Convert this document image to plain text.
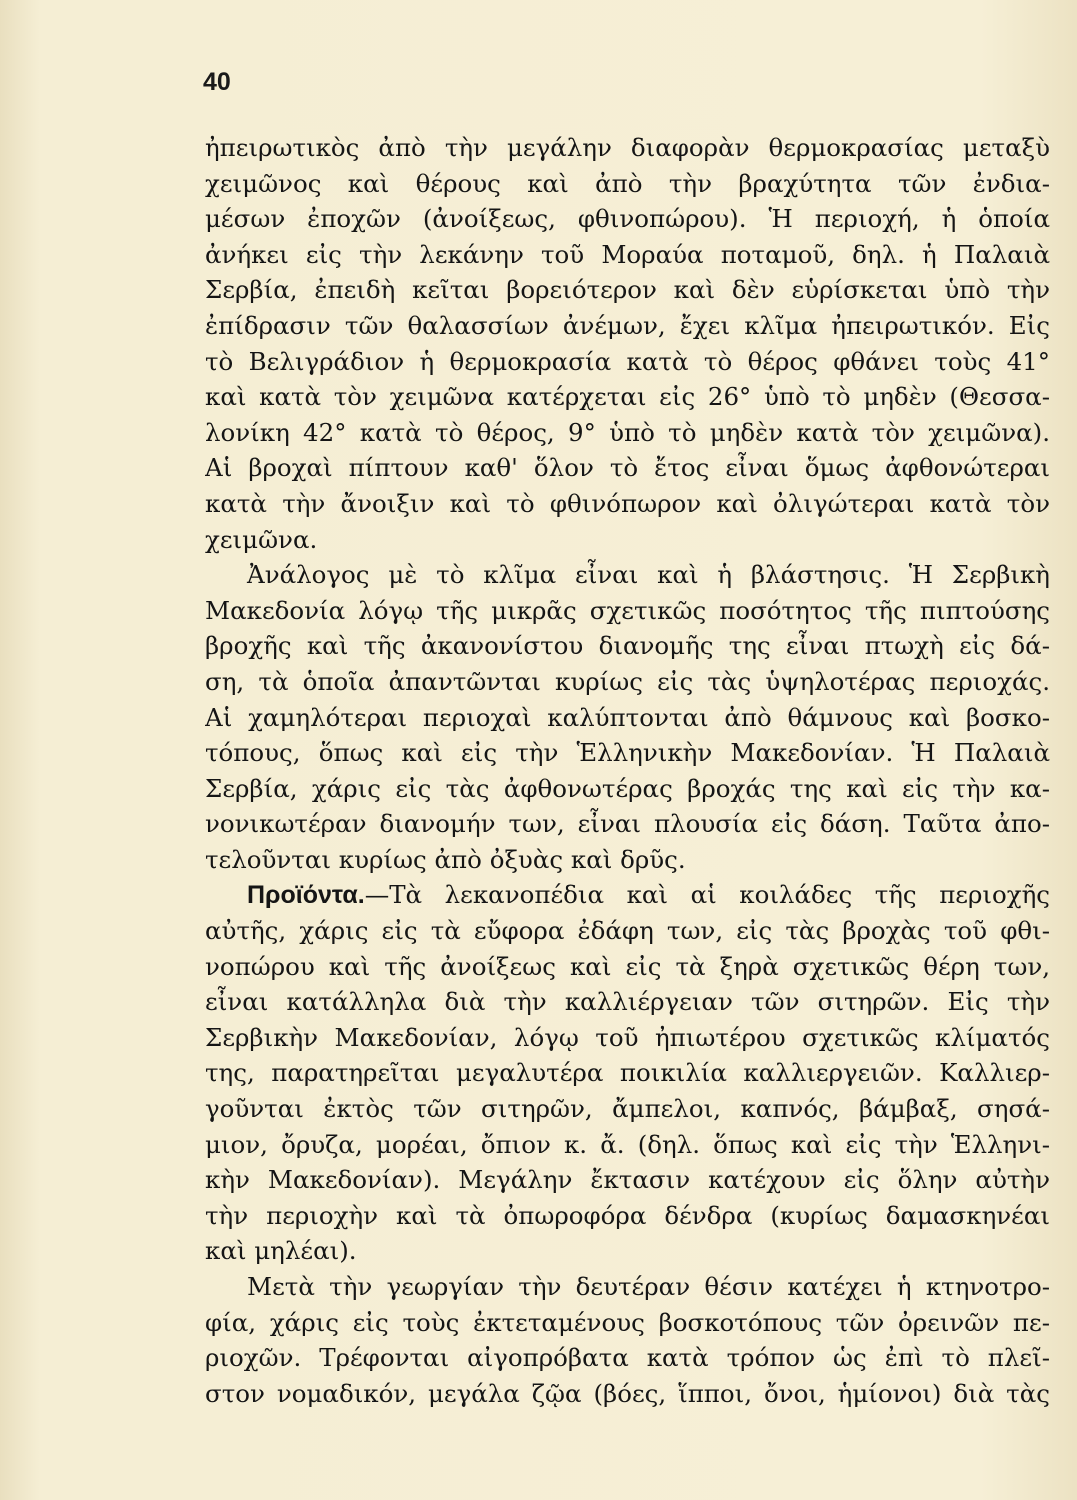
40
ἠπειρωτικὸς ἀπὸ τὴν μεγάλην διαφορὰν θερμοκρασίας μεταξὺ
χειμῶνος καὶ θέρους καὶ ἀπὸ τὴν βραχύτητα τῶν ἐνδια-
μέσων ἐποχῶν (ἀνοίξεως, φθινοπώρου). Ἡ περιοχή, ἡ ὁποία
ἀνήκει εἰς τὴν λεκάνην τοῦ Μοραύα ποταμοῦ, δηλ. ἡ Παλαιὰ
Σερβία, ἐπειδὴ κεῖται βορειότερον καὶ δὲν εὑρίσκεται ὑπὸ τὴν
ἐπίδρασιν τῶν θαλασσίων ἀνέμων, ἔχει κλῖμα ἠπειρωτικόν. Εἰς
τὸ Βελιγράδιον ἡ θερμοκρασία κατὰ τὸ θέρος φθάνει τοὺς 41°
καὶ κατὰ τὸν χειμῶνα κατέρχεται εἰς 26° ὑπὸ τὸ μηδὲν (Θεσσα-
λονίκη 42° κατὰ τὸ θέρος, 9° ὑπὸ τὸ μηδὲν κατὰ τὸν χειμῶνα).
Αἱ βροχαὶ πίπτουν καθ' ὅλον τὸ ἔτος εἶναι ὅμως ἀφθονώτεραι
κατὰ τὴν ἄνοιξιν καὶ τὸ φθινόπωρον καὶ ὀλιγώτεραι κατὰ τὸν
χειμῶνα.
Ἀνάλογος μὲ τὸ κλῖμα εἶναι καὶ ἡ βλάστησις. Ἡ Σερβικὴ
Μακεδονία λόγῳ τῆς μικρᾶς σχετικῶς ποσότητος τῆς πιπτούσης
βροχῆς καὶ τῆς ἀκανονίστου διανομῆς της εἶναι πτωχὴ εἰς δά-
ση, τὰ ὁποῖα ἀπαντῶνται κυρίως εἰς τὰς ὑψηλοτέρας περιοχάς.
Αἱ χαμηλότεραι περιοχαὶ καλύπτονται ἀπὸ θάμνους καὶ βοσκο-
τόπους, ὅπως καὶ εἰς τὴν Ἑλληνικὴν Μακεδονίαν. Ἡ Παλαιὰ
Σερβία, χάρις εἰς τὰς ἀφθονωτέρας βροχάς της καὶ εἰς τὴν κα-
νονικωτέραν διανομήν των, εἶναι πλουσία εἰς δάση. Ταῦτα ἀπο-
τελοῦνται κυρίως ἀπὸ ὀξυὰς καὶ δρῦς.
Προϊόντα.—Τὰ λεκανοπέδια καὶ αἱ κοιλάδες τῆς περιοχῆς
αὐτῆς, χάρις εἰς τὰ εὔφορα ἐδάφη των, εἰς τὰς βροχὰς τοῦ φθι-
νοπώρου καὶ τῆς ἀνοίξεως καὶ εἰς τὰ ξηρὰ σχετικῶς θέρη των,
εἶναι κατάλληλα διὰ τὴν καλλιέργειαν τῶν σιτηρῶν. Εἰς τὴν
Σερβικὴν Μακεδονίαν, λόγῳ τοῦ ἠπιωτέρου σχετικῶς κλίματός
της, παρατηρεῖται μεγαλυτέρα ποικιλία καλλιεργειῶν. Καλλιερ-
γοῦνται ἐκτὸς τῶν σιτηρῶν, ἄμπελοι, καπνός, βάμβαξ, σησά-
μιον, ὄρυζα, μορέαι, ὄπιον κ. ἄ. (δηλ. ὅπως καὶ εἰς τὴν Ἑλληνι-
κὴν Μακεδονίαν). Μεγάλην ἔκτασιν κατέχουν εἰς ὅλην αὐτὴν
τὴν περιοχὴν καὶ τὰ ὀπωροφόρα δένδρα (κυρίως δαμασκηνέαι
καὶ μηλέαι).
Μετὰ τὴν γεωργίαν τὴν δευτέραν θέσιν κατέχει ἡ κτηνοτρο-
φία, χάρις εἰς τοὺς ἐκτεταμένους βοσκοτόπους τῶν ὀρεινῶν πε-
ριοχῶν. Τρέφονται αἰγοπρόβατα κατὰ τρόπον ὡς ἐπὶ τὸ πλεῖ-
στον νομαδικόν, μεγάλα ζῷα (βόες, ἵπποι, ὄνοι, ἡμίονοι) διὰ τὰς
